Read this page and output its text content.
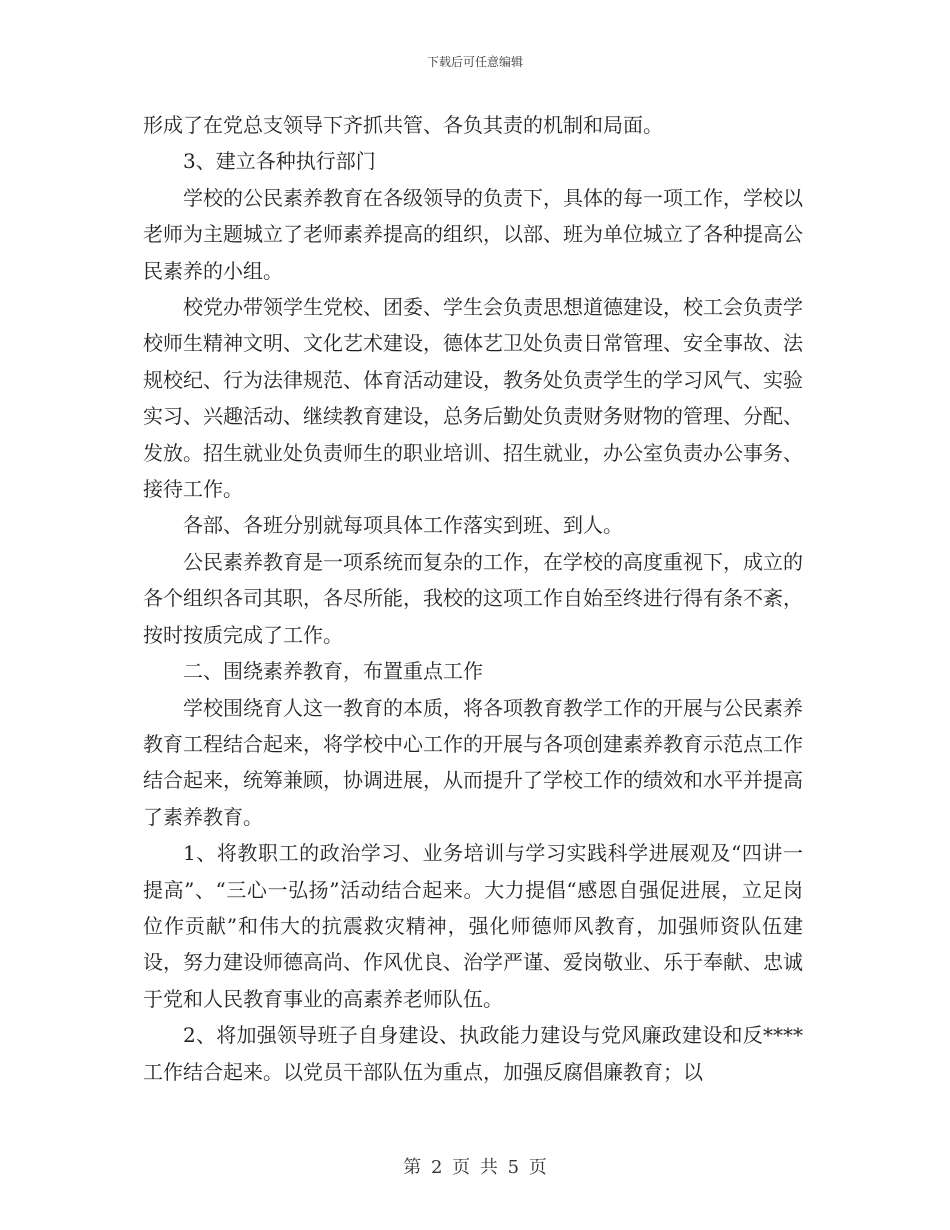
下载后可任意编辑

形成了在党总支领导下齐抓共管、各负其责的机制和局面。

3、建立各种执行部门

学校的公民素养教育在各级领导的负责下，具体的每一项工作，学校以老师为主题城立了老师素养提高的组织，以部、班为单位城立了各种提高公民素养的小组。

校党办带领学生党校、团委、学生会负责思想道德建设，校工会负责学校师生精神文明、文化艺术建设，德体艺卫处负责日常管理、安全事故、法规校纪、行为法律规范、体育活动建设，教务处负责学生的学习风气、实验实习、兴趣活动、继续教育建设，总务后勤处负责财务财物的管理、分配、发放。招生就业处负责师生的职业培训、招生就业，办公室负责办公事务、接待工作。

各部、各班分别就每项具体工作落实到班、到人。

公民素养教育是一项系统而复杂的工作，在学校的高度重视下，成立的各个组织各司其职，各尽所能，我校的这项工作自始至终进行得有条不紊，按时按质完成了工作。

二、围绕素养教育，布置重点工作

学校围绕育人这一教育的本质，将各项教育教学工作的开展与公民素养教育工程结合起来，将学校中心工作的开展与各项创建素养教育示范点工作结合起来，统筹兼顾，协调进展，从而提升了学校工作的绩效和水平并提高了素养教育。

1、将教职工的政治学习、业务培训与学习实践科学进展观及“四讲一提高”、“三心一弘扬”活动结合起来。大力提倡“感恩自强促进展，立足岗位作贡献”和伟大的抗震救灾精神，强化师德师风教育，加强师资队伍建设，努力建设师德高尚、作风优良、治学严谨、爱岗敬业、乐于奉献、忠诚于党和人民教育事业的高素养老师队伍。

2、将加强领导班子自身建设、执政能力建设与党风廉政建设和反****工作结合起来。以党员干部队伍为重点，加强反腐倡廉教育；以

第 2 页 共 5 页
